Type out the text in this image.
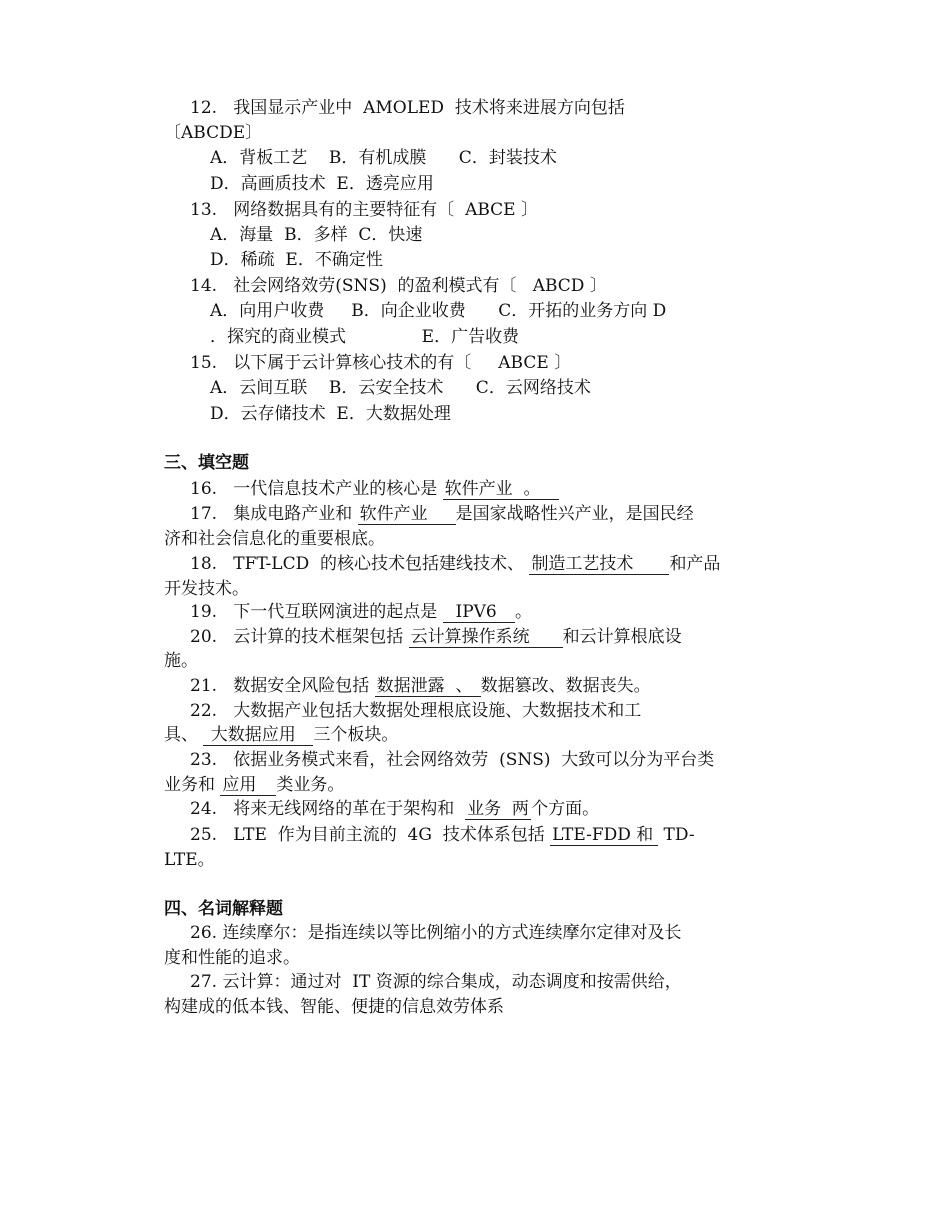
12. 我国显示产业中  AMOLED  技术将来进展方向包括
〔ABCDE〕
A．背板工艺    B．有机成膜      C．封装技术
D．高画质技术  E．透亮应用
13. 网络数据具有的主要特征有〔  ABCE 〕
A．海量  B．多样  C．快速
D．稀疏  E．不确定性
14. 社会网络效劳(SNS)  的盈利模式有〔   ABCD 〕
A．向用户收费     B．向企业收费      C．开拓的业务方向 D
．探究的商业模式              E．广告收费
15. 以下属于云计算核心技术的有〔     ABCE 〕
A．云间互联    B．云安全技术      C．云网络技术
D．云存储技术  E．大数据处理
三、填空题
16. 一代信息技术产业的核心是 软件产业  。
17. 集成电路产业和 软件产业 是国家战略性兴产业，是国民经
济和社会信息化的重要根底。
18. TFT-LCD  的核心技术包括建线技术、 制造工艺技术  和产品
开发技术。
19. 下一代互联网演进的起点是   IPV6   。
20. 云计算的技术框架包括 云计算操作系统 和云计算根底设
施。
21. 数据安全风险包括 数据泄露  、 数据篡改、数据丧失。
22. 大数据产业包括大数据处理根底设施、大数据技术和工
具、  大数据应用 三个板块。
23. 依据业务模式来看，社会网络效劳  (SNS)  大致可以分为平台类
业务和 应用  类业务。
24. 将来无线网络的革在于架构和  业务  两 个方面。
25. LTE  作为目前主流的  4G  技术体系包括 LTE-FDD 和 TD-
LTE。
四、名词解释题
26. 连续摩尔：是指连续以等比例缩小的方式连续摩尔定律对及长
度和性能的追求。
27. 云计算：通过对  IT 资源的综合集成，动态调度和按需供给，
构建成的低本钱、智能、便捷的信息效劳体系
